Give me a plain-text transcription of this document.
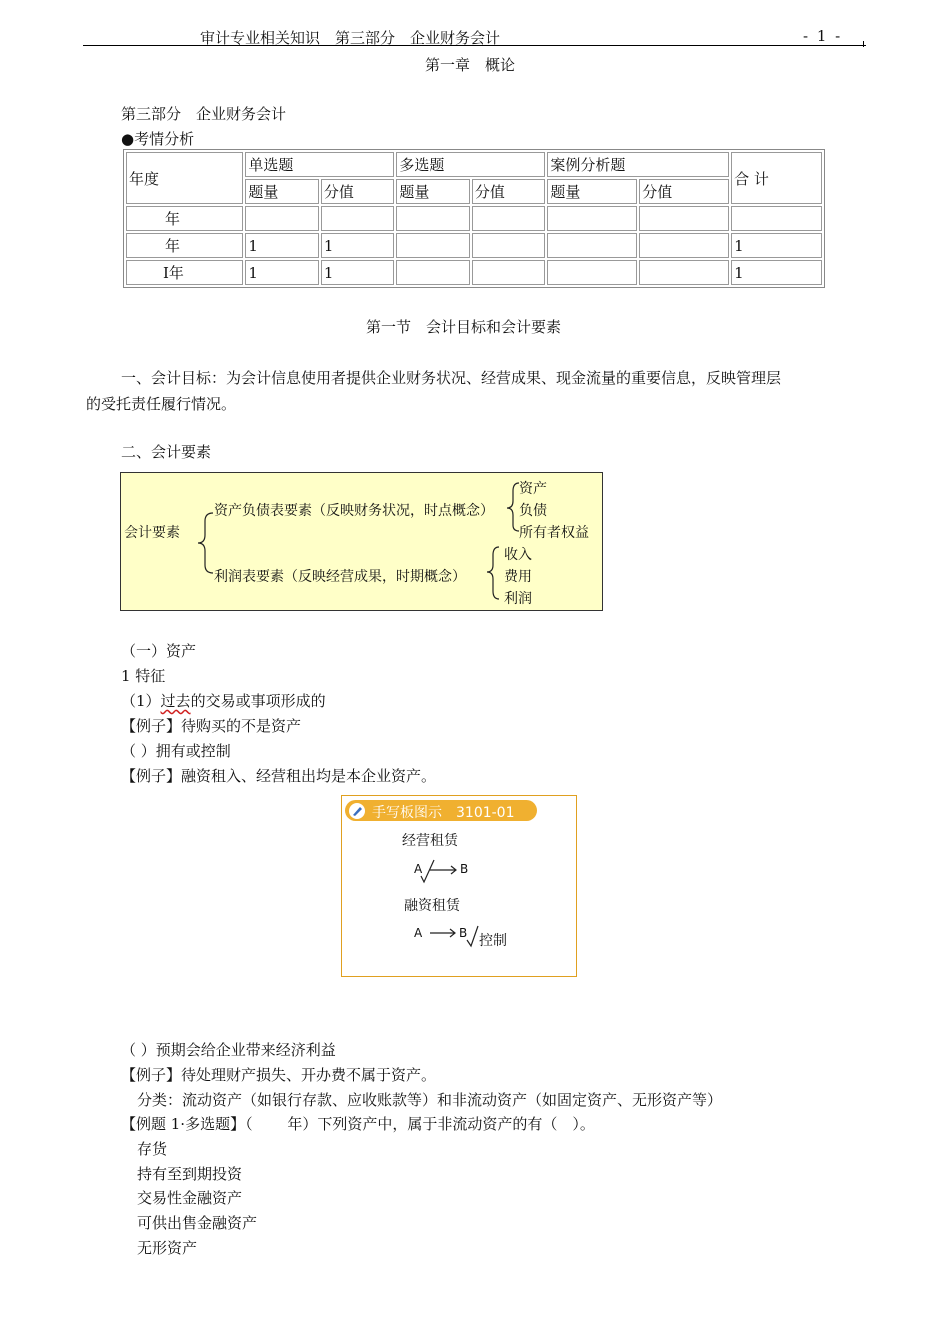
审计专业相关知识　第三部分　企业财务会计	- 1 -
第一章　概论
第三部分　企业财务会计
●考情分析
年度	单选题		多选题		案例分析题		合 计
	题量	分值	题量	分值	题量	分值	
年							
年	1	1					1
I年	1	1					1
第一节　会计目标和会计要素
一、会计目标：为会计信息使用者提供企业财务状况、经营成果、现金流量的重要信息，反映管理层
的受托责任履行情况。
二、会计要素
会计要素
资产负债表要素（反映财务状况，时点概念）
资产
负债
所有者权益
利润表要素（反映经营成果，时期概念）
收入
费用
利润
（一）资产
1 特征
（1）过去的交易或事项形成的
【例子】待购买的不是资产
（ ）拥有或控制
【例子】融资租入、经营租出均是本企业资产。
手写板图示　3101-01
经营租赁
A	B
融资租赁
A	B 控制
（ ）预期会给企业带来经济利益
【例子】待处理财产损失、开办费不属于资产。
分类：流动资产（如银行存款、应收账款等）和非流动资产（如固定资产、无形资产等）
【例题 1·多选题】（　　 年）下列资产中，属于非流动资产的有（　）。
存货
持有至到期投资
交易性金融资产
可供出售金融资产
无形资产
